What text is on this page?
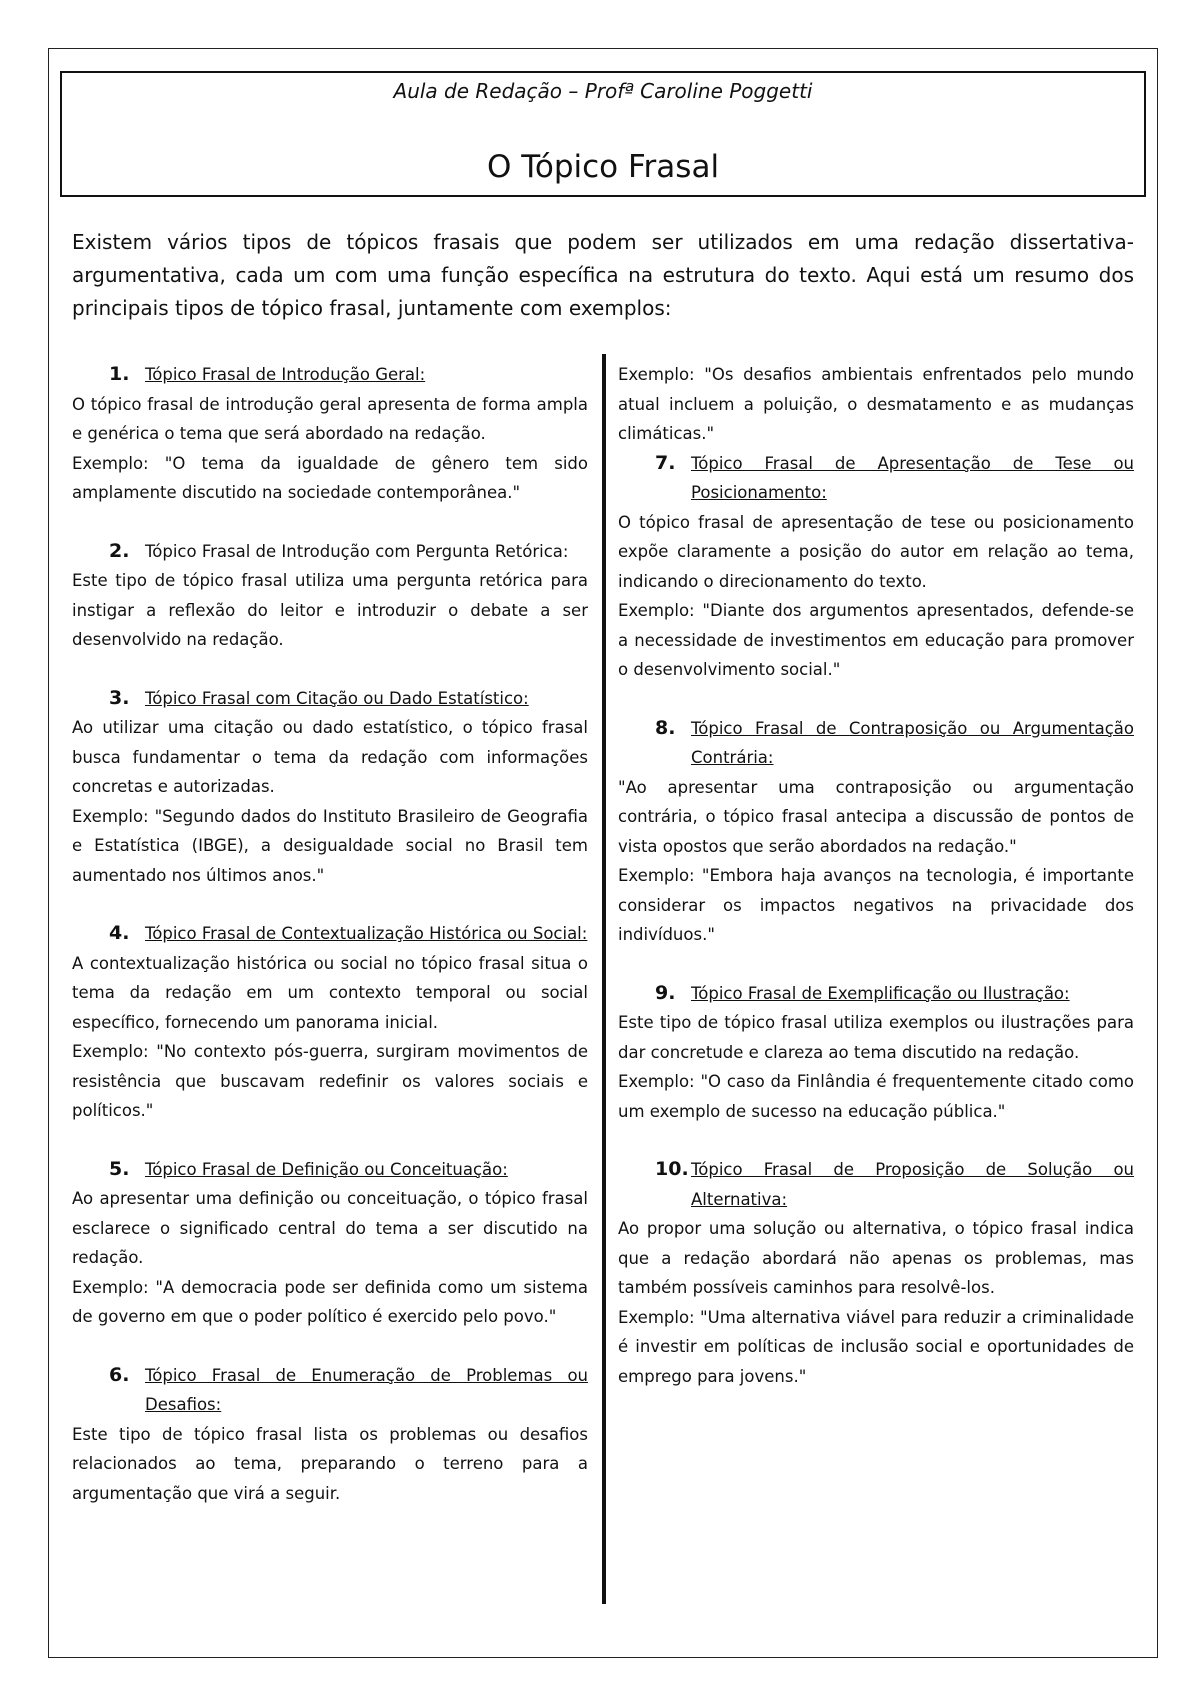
Aula de Redação – Profª Caroline Poggetti
O Tópico Frasal
Existem vários tipos de tópicos frasais que podem ser utilizados em uma redação dissertativa-argumentativa, cada um com uma função específica na estrutura do texto. Aqui está um resumo dos principais tipos de tópico frasal, juntamente com exemplos:
1. Tópico Frasal de Introdução Geral:

O tópico frasal de introdução geral apresenta de forma ampla e genérica o tema que será abordado na redação.

Exemplo: "O tema da igualdade de gênero tem sido amplamente discutido na sociedade contemporânea."

2. Tópico Frasal de Introdução com Pergunta Retórica:

Este tipo de tópico frasal utiliza uma pergunta retórica para instigar a reflexão do leitor e introduzir o debate a ser desenvolvido na redação.

3. Tópico Frasal com Citação ou Dado Estatístico:

Ao utilizar uma citação ou dado estatístico, o tópico frasal busca fundamentar o tema da redação com informações concretas e autorizadas.

Exemplo: "Segundo dados do Instituto Brasileiro de Geografia e Estatística (IBGE), a desigualdade social no Brasil tem aumentado nos últimos anos."

4. Tópico Frasal de Contextualização Histórica ou Social:

A contextualização histórica ou social no tópico frasal situa o tema da redação em um contexto temporal ou social específico, fornecendo um panorama inicial.

Exemplo: "No contexto pós-guerra, surgiram movimentos de resistência que buscavam redefinir os valores sociais e políticos."

5. Tópico Frasal de Definição ou Conceituação:

Ao apresentar uma definição ou conceituação, o tópico frasal esclarece o significado central do tema a ser discutido na redação.

Exemplo: "A democracia pode ser definida como um sistema de governo em que o poder político é exercido pelo povo."

6. Tópico Frasal de Enumeração de Problemas ou Desafios:

Este tipo de tópico frasal lista os problemas ou desafios relacionados ao tema, preparando o terreno para a argumentação que virá a seguir.

Exemplo: "Os desafios ambientais enfrentados pelo mundo atual incluem a poluição, o desmatamento e as mudanças climáticas."

7. Tópico Frasal de Apresentação de Tese ou Posicionamento:

O tópico frasal de apresentação de tese ou posicionamento expõe claramente a posição do autor em relação ao tema, indicando o direcionamento do texto.

Exemplo: "Diante dos argumentos apresentados, defende-se a necessidade de investimentos em educação para promover o desenvolvimento social."

8. Tópico Frasal de Contraposição ou Argumentação Contrária:

"Ao apresentar uma contraposição ou argumentação contrária, o tópico frasal antecipa a discussão de pontos de vista opostos que serão abordados na redação."

Exemplo: "Embora haja avanços na tecnologia, é importante considerar os impactos negativos na privacidade dos indivíduos."

9. Tópico Frasal de Exemplificação ou Ilustração:

Este tipo de tópico frasal utiliza exemplos ou ilustrações para dar concretude e clareza ao tema discutido na redação.

Exemplo: "O caso da Finlândia é frequentemente citado como um exemplo de sucesso na educação pública."

10. Tópico Frasal de Proposição de Solução ou Alternativa:

Ao propor uma solução ou alternativa, o tópico frasal indica que a redação abordará não apenas os problemas, mas também possíveis caminhos para resolvê-los.

Exemplo: "Uma alternativa viável para reduzir a criminalidade é investir em políticas de inclusão social e oportunidades de emprego para jovens."
